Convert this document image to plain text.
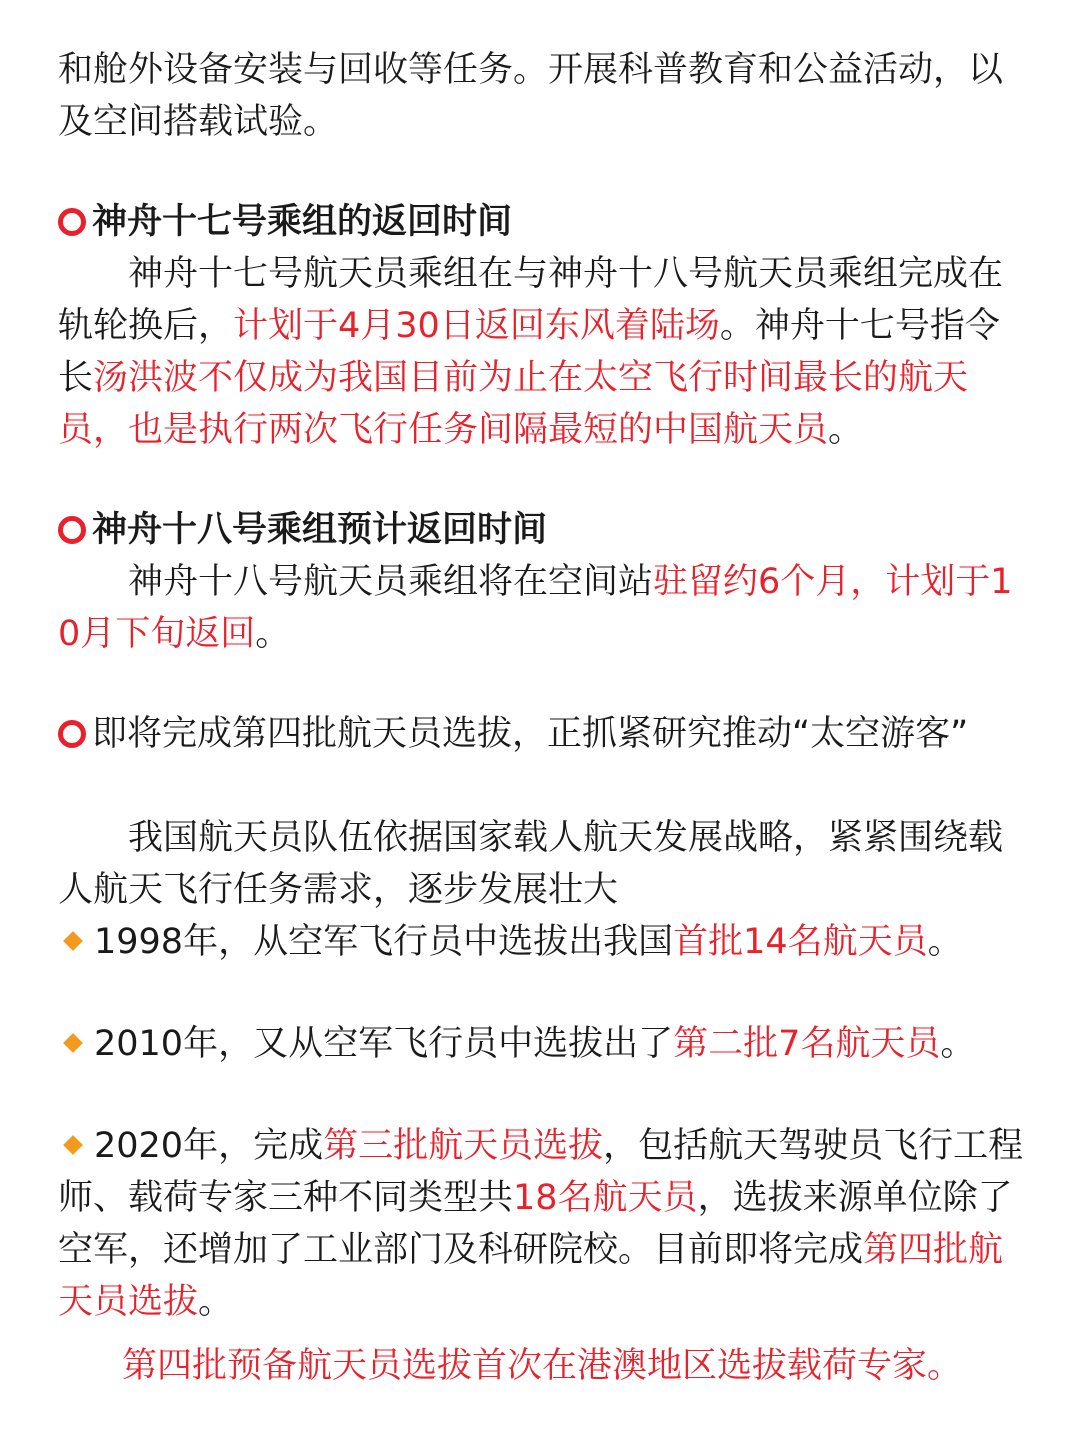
和舱外设备安装与回收等任务。开展科普教育和公益活动，以及空间搭载试验。

神舟十七号乘组的返回时间

神舟十七号航天员乘组在与神舟十八号航天员乘组完成在轨轮换后，计划于4月30日返回东风着陆场。神舟十七号指令长汤洪波不仅成为我国目前为止在太空飞行时间最长的航天员，也是执行两次飞行任务间隔最短的中国航天员。

神舟十八号乘组预计返回时间

神舟十八号航天员乘组将在空间站驻留约6个月，计划于10月下旬返回。

即将完成第四批航天员选拔，正抓紧研究推动“太空游客”

我国航天员队伍依据国家载人航天发展战略，紧紧围绕载人航天飞行任务需求，逐步发展壮大

1998年，从空军飞行员中选拔出我国首批14名航天员。

2010年，又从空军飞行员中选拔出了第二批7名航天员。

2020年，完成第三批航天员选拔，包括航天驾驶员飞行工程师、载荷专家三种不同类型共18名航天员，选拔来源单位除了空军，还增加了工业部门及科研院校。目前即将完成第四批航天员选拔。

第四批预备航天员选拔首次在港澳地区选拔载荷专家。
